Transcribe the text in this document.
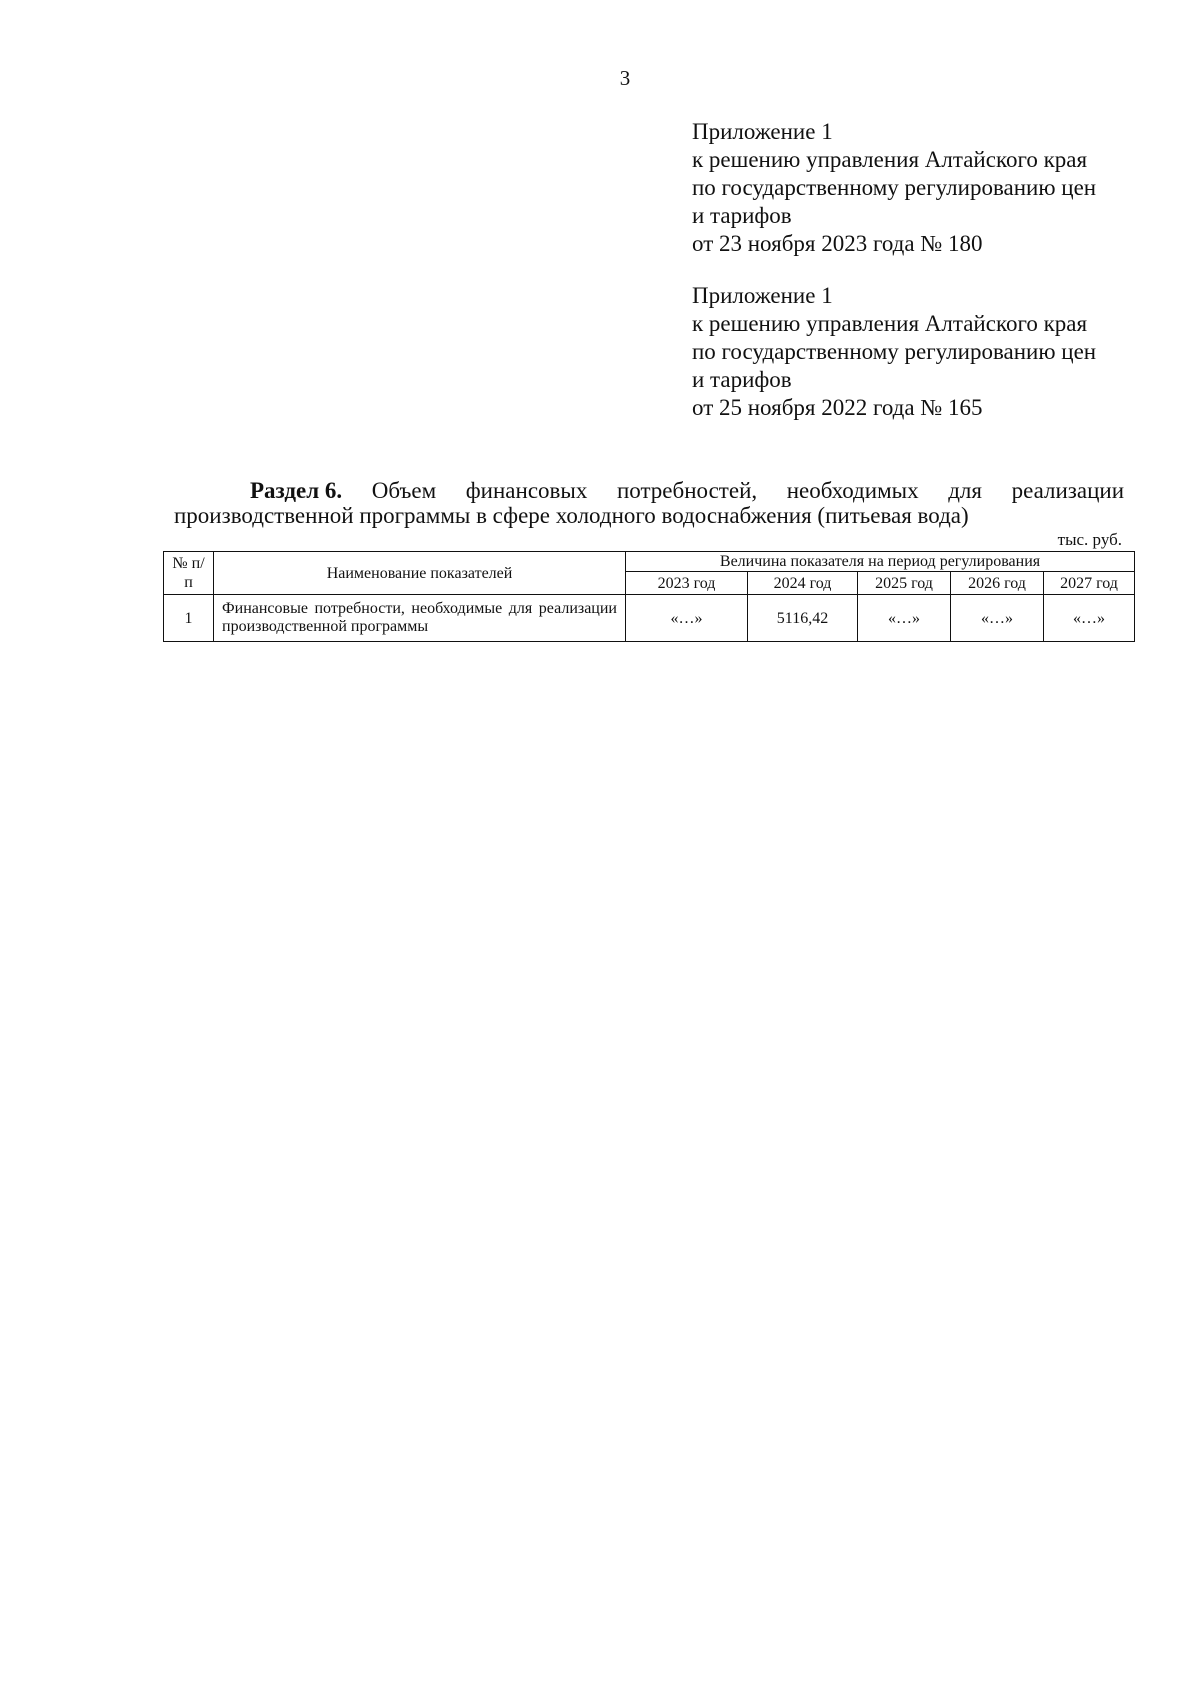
3
Приложение 1
к решению управления Алтайского края
по государственному регулированию цен
и тарифов
от 23 ноября 2023 года № 180
Приложение 1
к решению управления Алтайского края
по государственному регулированию цен
и тарифов
от 25 ноября 2022 года № 165
Раздел 6. Объем финансовых потребностей, необходимых для реализации
производственной программы в сфере холодного водоснабжения (питьевая вода)
тыс. руб.
№ п/п	Наименование показателей	Величина показателя на период регулирования				
		2023 год	2024 год	2025 год	2026 год	2027 год
1	Финансовые потребности, необходимые для реализации производственной программы	«…»	5116,42	«…»	«…»	«…»
